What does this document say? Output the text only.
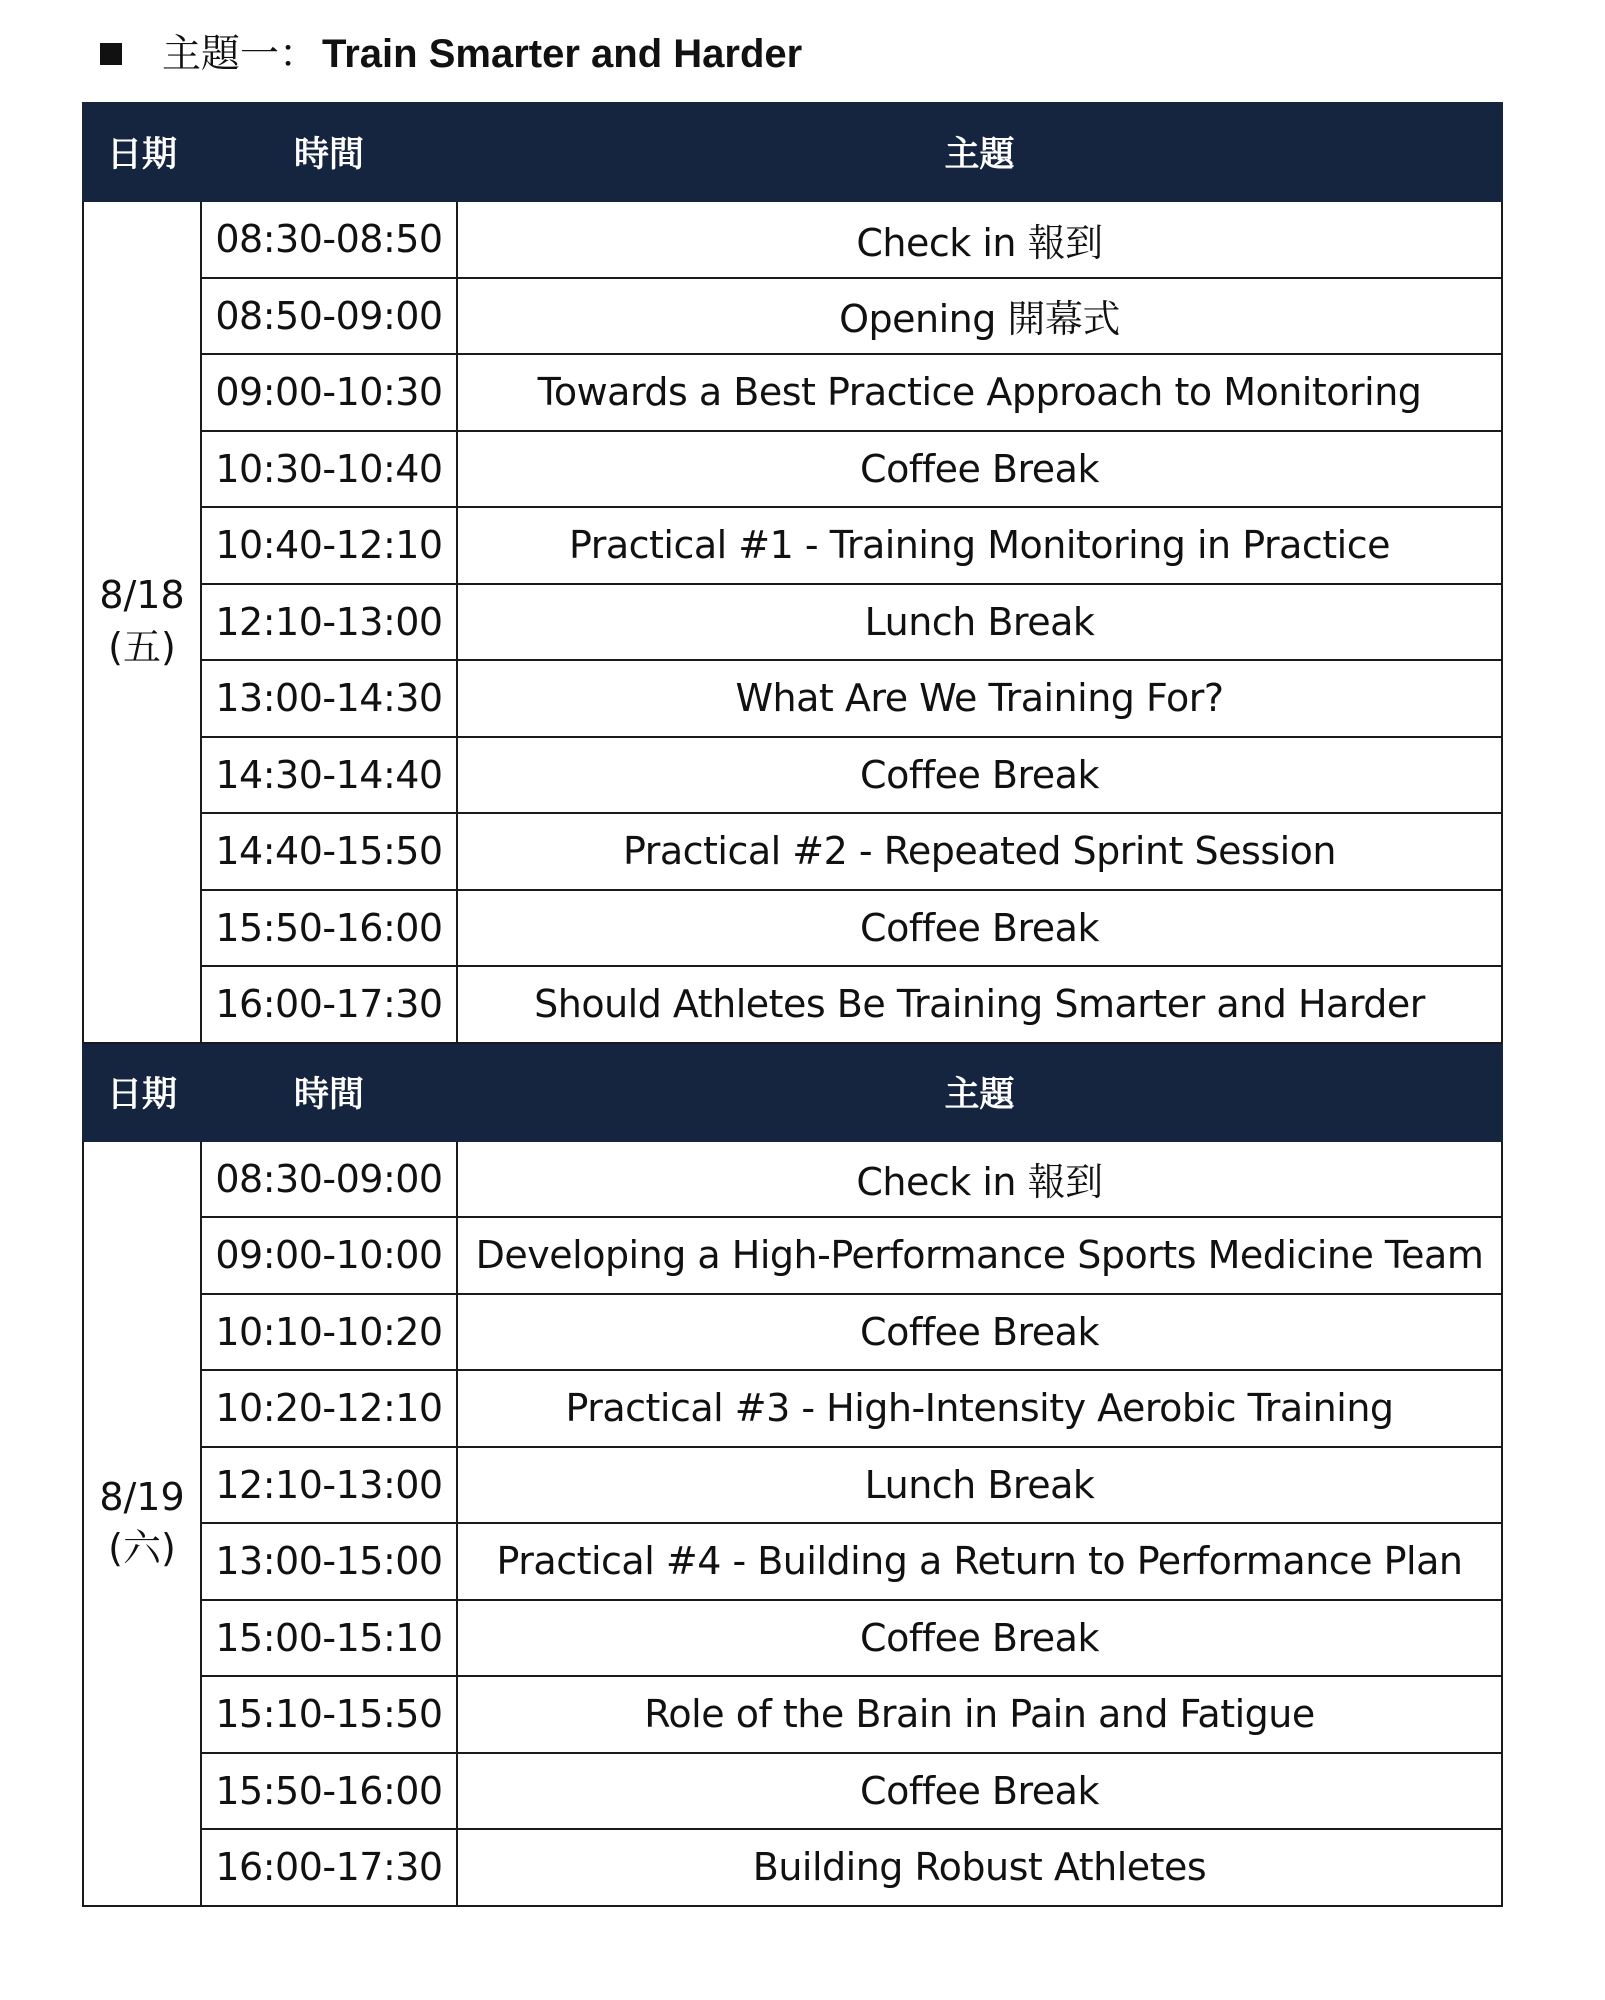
主題一： Train Smarter and Harder
日期	時間	主題

8/18
(五)	08:30-08:50	Check in 報到
	08:50-09:00	Opening 開幕式
	09:00-10:30	Towards a Best Practice Approach to Monitoring
	10:30-10:40	Coffee Break
	10:40-12:10	Practical #1 - Training Monitoring in Practice
	12:10-13:00	Lunch Break
	13:00-14:30	What Are We Training For?
	14:30-14:40	Coffee Break
	14:40-15:50	Practical #2 - Repeated Sprint Session
	15:50-16:00	Coffee Break
	16:00-17:30	Should Athletes Be Training Smarter and Harder
日期	時間	主題

8/19
(六)	08:30-09:00	Check in 報到
	09:00-10:00	Developing a High-Performance Sports Medicine Team
	10:10-10:20	Coffee Break
	10:20-12:10	Practical #3 - High-Intensity Aerobic Training
	12:10-13:00	Lunch Break
	13:00-15:00	Practical #4 - Building a Return to Performance Plan
	15:00-15:10	Coffee Break
	15:10-15:50	Role of the Brain in Pain and Fatigue
	15:50-16:00	Coffee Break
	16:00-17:30	Building Robust Athletes
